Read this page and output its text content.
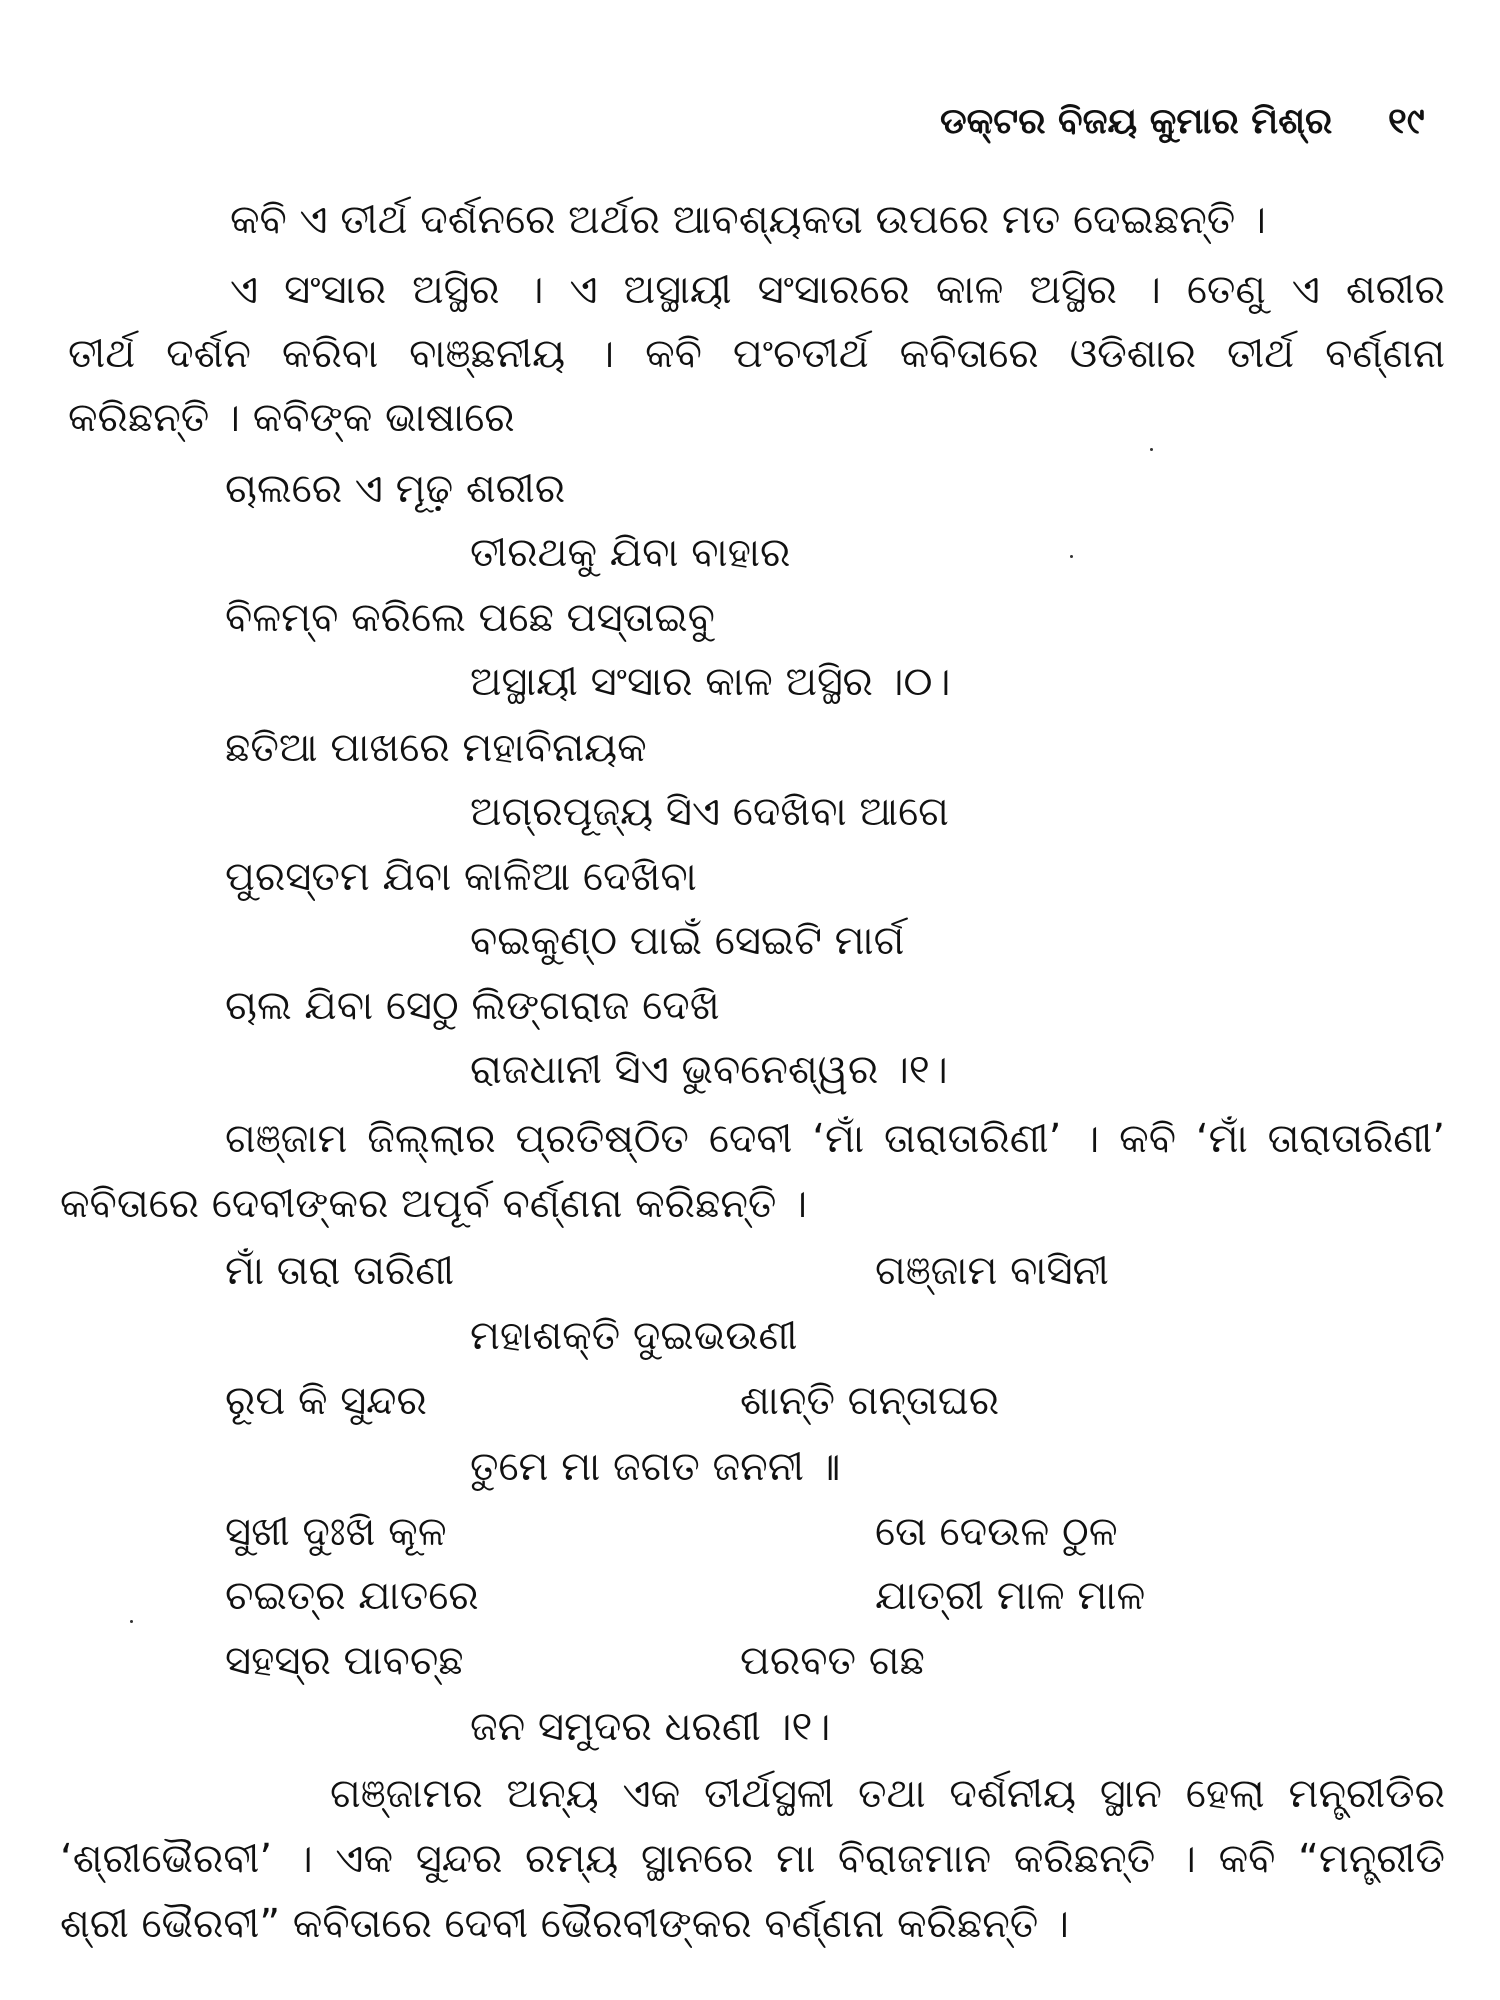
ଡକ୍ଟର ବିଜୟ କୁମାର ମିଶ୍ର ୧୯

କବି ଏ ତୀର୍ଥ ଦର୍ଶନରେ ଅର୍ଥର ଆବଶ୍ୟକତା ଉପରେ ମତ ଦେଇଛନ୍ତି ।

ଏ ସଂସାର ଅସ୍ଥିର । ଏ ଅସ୍ଥାୟୀ ସଂସାରରେ କାଳ ଅସ୍ଥିର । ତେଣୁ ଏ ଶରୀର

ତୀର୍ଥ ଦର୍ଶନ କରିବା ବାଞ୍ଛନୀୟ । କବି ପଂଚତୀର୍ଥ କବିତାରେ ଓଡିଶାର ତୀର୍ଥ ବର୍ଣ୍ଣନା

କରିଛନ୍ତି । କବିଙ୍କ ଭାଷାରେ

ଚାଲରେ ଏ ମୂଢ଼ ଶରୀର

ତୀରଥକୁ ଯିବା ବାହାର

ବିଳମ୍ବ କରିଲେ ପଛେ ପସ୍ତାଇବୁ

ଅସ୍ଥାୟୀ ସଂସାର କାଳ ଅସ୍ଥିର ।୦।

ଛତିଆ ପାଖରେ ମହାବିନାୟକ

ଅଗ୍ରପୂଜ୍ୟ ସିଏ ଦେଖିବା ଆଗେ

ପୁରସ୍ତମ ଯିବା କାଳିଆ ଦେଖିବା

ବଇକୁଣ୍ଠ ପାଇଁ ସେଇଟି ମାର୍ଗ

ଚାଲ ଯିବା ସେଠୁ ଲିଙ୍ଗରାଜ ଦେଖି

ରାଜଧାନୀ ସିଏ ଭୁବନେଶ୍ୱର ।୧।

ଗଞ୍ଜାମ ଜିଲ୍ଲାର ପ୍ରତିଷ୍ଠିତ ଦେବୀ ‘ମାଁ ତାରାତାରିଣୀ’ । କବି ‘ମାଁ ତାରାତାରିଣୀ’

କବିତାରେ ଦେବୀଙ୍କର ଅପୂର୍ବ ବର୍ଣ୍ଣନା କରିଛନ୍ତି ।

ମାଁ ତାରା ତାରିଣୀ	ଗଞ୍ଜାମ ବାସିନୀ

ମହାଶକ୍ତି ଦୁଇଭଉଣୀ

ରୂପ କି ସୁନ୍ଦର	ଶାନ୍ତି ଗନ୍ତାଘର

ତୁମେ ମା ଜଗତ ଜନନୀ ॥

ସୁଖୀ ଦୁଃଖି କୂଳ	ତୋ ଦେଉଳ ଠୁଳ

ଚଇତ୍ର ଯାତରେ	ଯାତ୍ରୀ ମାଳ ମାଳ

ସହସ୍ର ପାବଚ୍ଛ	ପରବତ ଗଛ

ଜନ ସମୁଦର ଧରଣୀ ।୧।

ଗଞ୍ଜାମର ଅନ୍ୟ ଏକ ତୀର୍ଥସ୍ଥଳୀ ତଥା ଦର୍ଶନୀୟ ସ୍ଥାନ ହେଲା ମନ୍ତ୍ରୀଡିର

‘ଶ୍ରୀଭୈରବୀ’ । ଏକ ସୁନ୍ଦର ରମ୍ୟ ସ୍ଥାନରେ ମା ବିରାଜମାନ କରିଛନ୍ତି । କବି “ମନ୍ତ୍ରୀଡି

ଶ୍ରୀ ଭୈରବୀ” କବିତାରେ ଦେବୀ ଭୈରବୀଙ୍କର ବର୍ଣ୍ଣନା କରିଛନ୍ତି ।
